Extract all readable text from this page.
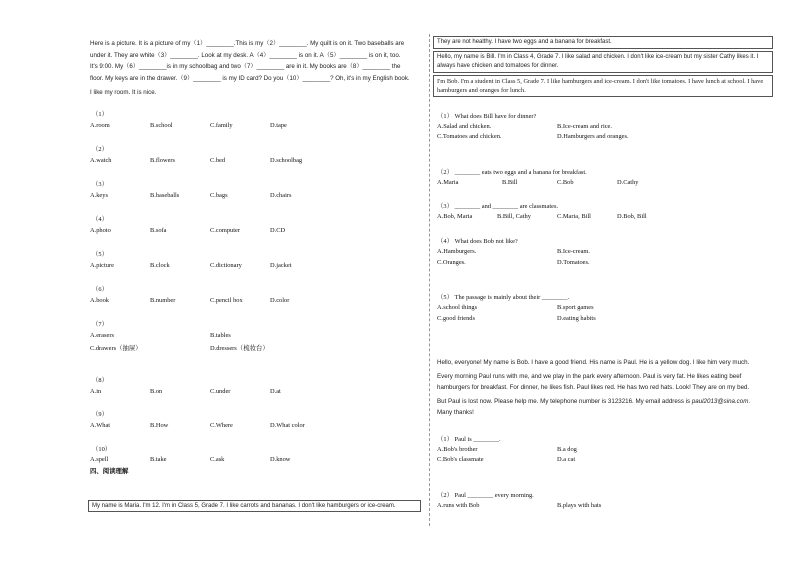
Here is a picture. It is a picture of my（1）________.This is my（2）________. My quilt is on it. Two baseballs are
under it. They are white（3）________. Look at my desk. A（4）________ is on it. A（5）________ is on it, too.
It's 9:00. My（6）________is in my schoolbag and two（7）________ are in it. My books are（8）________ the
floor. My keys are in the drawer.（9）________ is my ID card? Do you（10）________? Oh, it's in my English book.
I like my room. It is nice.
（1）
A.room	B.school	C.family	D.tape
（2）
A.watch	B.flowers	C.bed	D.schoolbag
（3）
A.keys	B.baseballs	C.bags	D.chairs
（4）
A.photo	B.sofa	C.computer	D.CD
（5）
A.picture	B.clock	C.dictionary	D.jacket
（6）
A.book	B.number	C.pencil box	D.color
（7）
A.erasers	B.tables
C.drawers（抽屉）	D.dressers（梳妆台）
（8）
A.in	B.on	C.under	D.at
（9）
A.What	B.How	C.Where	D.What color
（10）
A.spell	B.take	C.ask	D.know
四、阅读理解
My name is Maria. I'm 12. I'm in Class 5, Grade 7. I like carrots and bananas. I don't like hamburgers or ice-cream.
They are not healthy. I have two eggs and a banana for breakfast.
Hello, my name is Bill. I'm in Class 4, Grade 7. I like salad and chicken. I don't like ice-cream but my sister Cathy likes it. I always have chicken and tomatoes for dinner.
I'm Bob. I'm a student in Class 5, Grade 7. I like hamburgers and ice-cream. I don't like tomatoes. I have lunch at school. I have hamburgers and oranges for lunch.
（1） What does Bill have for dinner?
A.Salad and chicken.	B.Ice-cream and rice.
C.Tomatoes and chicken.	D.Hamburgers and oranges.
（2） ________ eats two eggs and a banana for breakfast.
A.Maria	B.Bill	C.Bob	D.Cathy
（3） ________ and ________ are classmates.
A.Bob, Maria	B.Bill, Cathy	C.Maria, Bill	D.Bob, Bill
（4） What does Bob not like?
A.Hamburgers.	B.Ice-cream.
C.Oranges.	D.Tomatoes.
（5） The passage is mainly about their ________.
A.school things	B.sport games
C.good friends	D.eating habits
Hello, everyone! My name is Bob. I have a good friend. His name is Paul. He is a yellow dog. I like him very much.
Every morning Paul runs with me, and we play in the park every afternoon. Paul is very fat. He likes eating beef
hamburgers for breakfast. For dinner, he likes fish. Paul likes red. He has two red hats. Look! They are on my bed.
But Paul is lost now. Please help me. My telephone number is 3123216. My email address is paul2013@sina.com.
Many thanks!
（1） Paul is ________.
A.Bob's brother	B.a dog
C.Bob's classmate	D.a cat
（2） Paul ________ every morning.
A.runs with Bob	B.plays with hats
